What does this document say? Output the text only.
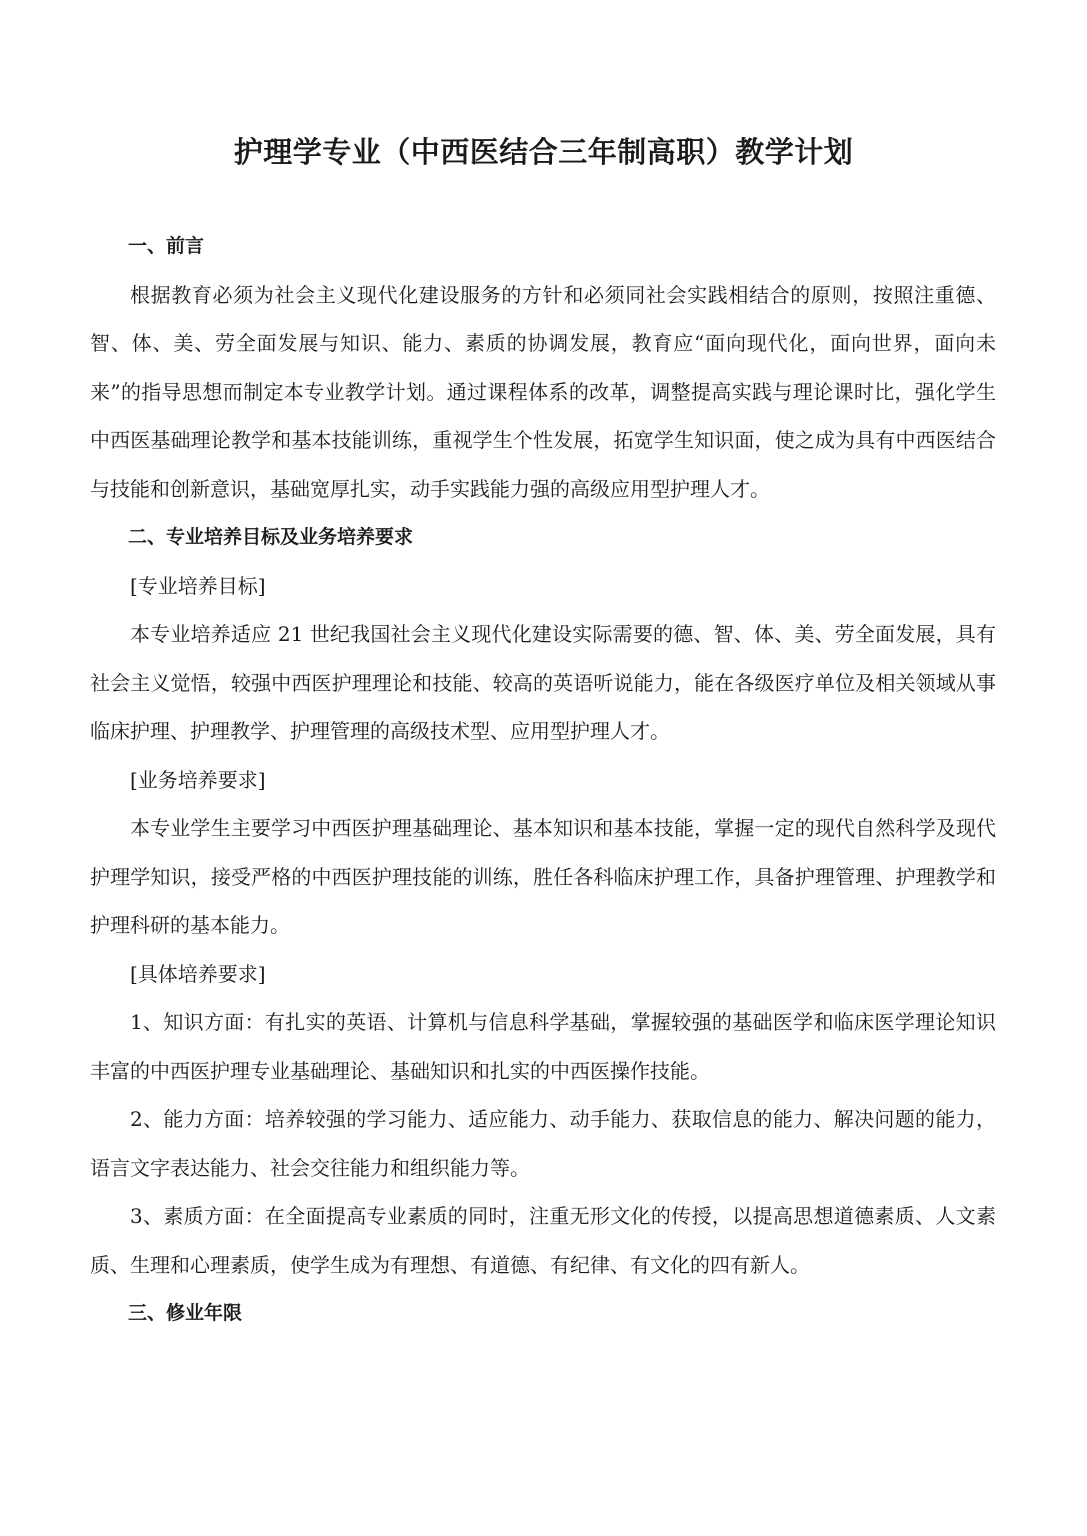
护理学专业（中西医结合三年制高职）教学计划

一、前言

根据教育必须为社会主义现代化建设服务的方针和必须同社会实践相结合的原则，按照注重德、智、体、美、劳全面发展与知识、能力、素质的协调发展，教育应“面向现代化，面向世界，面向未来”的指导思想而制定本专业教学计划。通过课程体系的改革，调整提高实践与理论课时比，强化学生中西医基础理论教学和基本技能训练，重视学生个性发展，拓宽学生知识面，使之成为具有中西医结合与技能和创新意识，基础宽厚扎实，动手实践能力强的高级应用型护理人才。

二、专业培养目标及业务培养要求

[专业培养目标]

本专业培养适应 21 世纪我国社会主义现代化建设实际需要的德、智、体、美、劳全面发展，具有社会主义觉悟，较强中西医护理理论和技能、较高的英语听说能力，能在各级医疗单位及相关领域从事临床护理、护理教学、护理管理的高级技术型、应用型护理人才。

[业务培养要求]

本专业学生主要学习中西医护理基础理论、基本知识和基本技能，掌握一定的现代自然科学及现代护理学知识，接受严格的中西医护理技能的训练，胜任各科临床护理工作，具备护理管理、护理教学和护理科研的基本能力。

[具体培养要求]

1、知识方面：有扎实的英语、计算机与信息科学基础，掌握较强的基础医学和临床医学理论知识丰富的中西医护理专业基础理论、基础知识和扎实的中西医操作技能。

2、能力方面：培养较强的学习能力、适应能力、动手能力、获取信息的能力、解决问题的能力，语言文字表达能力、社会交往能力和组织能力等。

3、素质方面：在全面提高专业素质的同时，注重无形文化的传授，以提高思想道德素质、人文素质、生理和心理素质，使学生成为有理想、有道德、有纪律、有文化的四有新人。

三、修业年限
